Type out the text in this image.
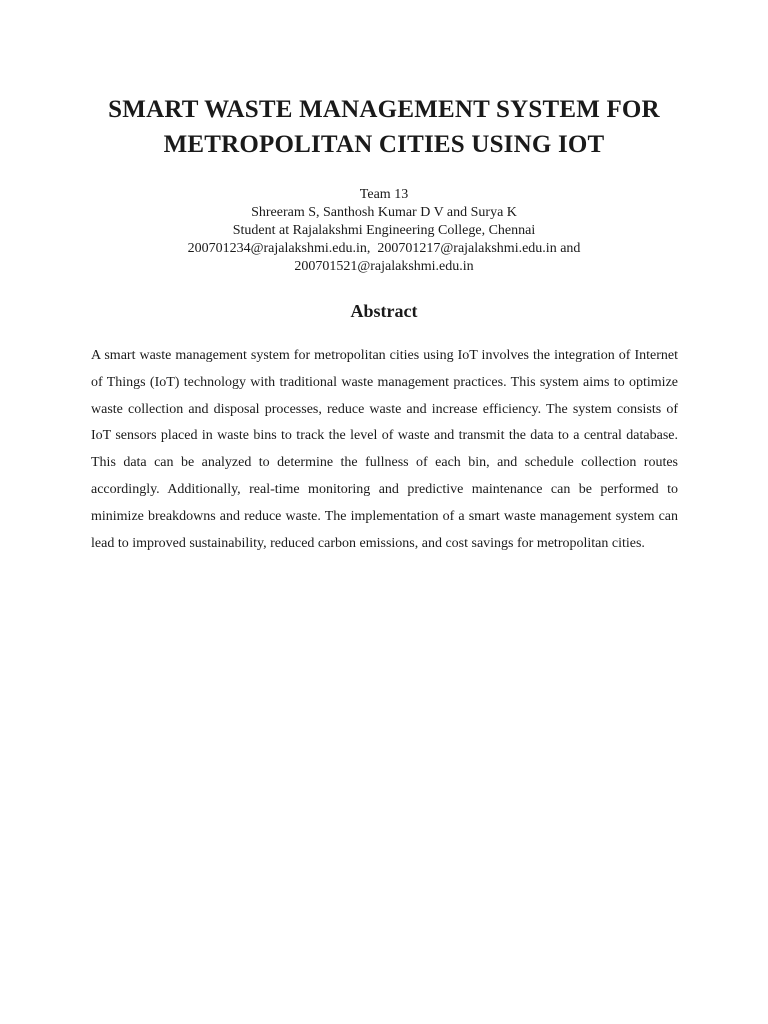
SMART WASTE MANAGEMENT SYSTEM FOR
METROPOLITAN CITIES USING IOT
Team 13
Shreeram S, Santhosh Kumar D V and Surya K
Student at Rajalakshmi Engineering College, Chennai
200701234@rajalakshmi.edu.in,  200701217@rajalakshmi.edu.in and
200701521@rajalakshmi.edu.in
Abstract

A smart waste management system for metropolitan cities using IoT involves the integration of Internet of Things (IoT) technology with traditional waste management practices. This system aims to optimize waste collection and disposal processes, reduce waste and increase efficiency. The system consists of IoT sensors placed in waste bins to track the level of waste and transmit the data to a central database. This data can be analyzed to determine the fullness of each bin, and schedule collection routes accordingly. Additionally, real-time monitoring and predictive maintenance can be performed to minimize breakdowns and reduce waste. The implementation of a smart waste management system can lead to improved sustainability, reduced carbon emissions, and cost savings for metropolitan cities.
